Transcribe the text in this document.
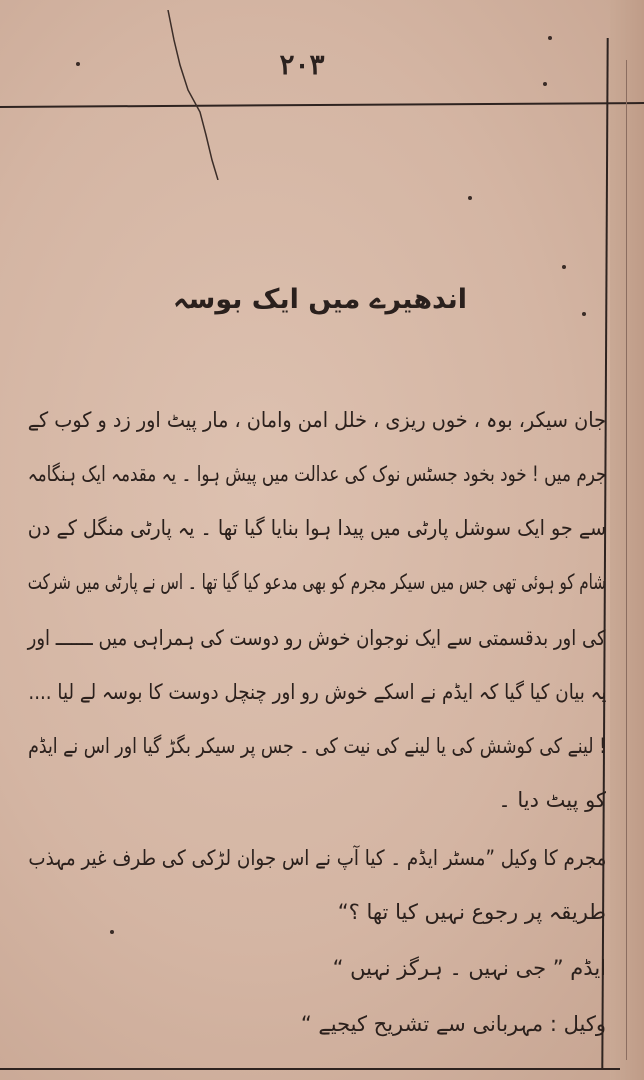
۲۰۳
اندھیرے میں ایک بوسہ
جان سیکر، بوہ ، خوں ریزی ، خلل امن وامان ، مار پیٹ اور زد و کوب کے
جرم میں ! خود بخود جسٹس نوک کی عدالت میں پیش ہوا ۔ یہ مقدمہ ایک ہنگامہ
سے جو ایک سوشل پارٹی میں پیدا ہوا بنایا گیا تھا ۔ یہ پارٹی منگل کے دن
شام کو ہوئی تھی جس میں سیکر مجرم کو بھی مدعو کیا گیا تھا ۔ اس نے پارٹی میں شرکت
کی اور بدقسمتی سے ایک نوجوان خوش رو دوست کی ہمراہی میں ـــــــ اور
یہ بیان کیا گیا کہ ایڈم نے اسکے خوش رو اور چنچل دوست کا بوسہ لے لیا ....
! لینے کی کوشش کی یا لینے کی نیت کی ۔ جس پر سیکر بگڑ گیا اور اس نے ایڈم
کو پیٹ دیا ۔
مجرم کا وکیل ”مسٹر ایڈم ۔ کیا آپ نے اس جوان لڑکی کی طرف غیر مہذب
طریقہ پر رجوع نہیں کیا تھا ؟“
ایڈم ” جی نہیں ۔ ہرگز نہیں “
وکیل : مہربانی سے تشریح کیجیے “
